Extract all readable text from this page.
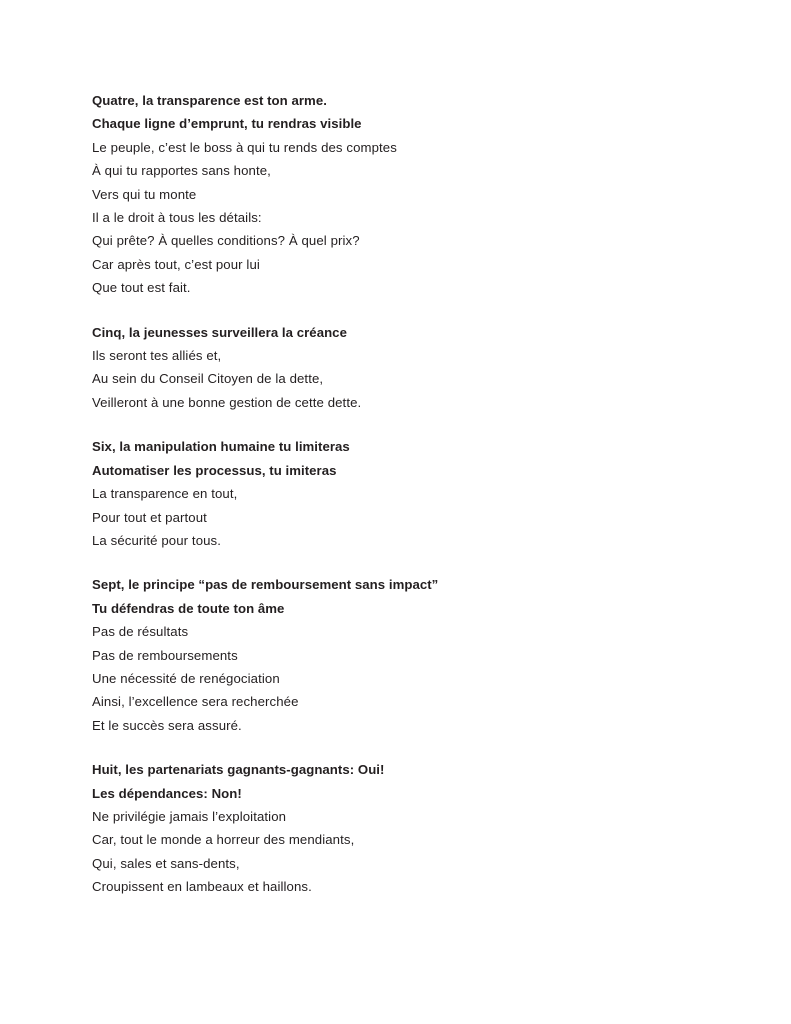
Quatre, la transparence est ton arme.
Chaque ligne d’emprunt, tu rendras visible
Le peuple, c’est le boss à qui tu rends des comptes
À qui tu rapportes sans honte,
Vers qui tu monte
Il a le droit à tous les détails:
Qui prête? À quelles conditions? À quel prix?
Car après tout, c’est pour lui
Que tout est fait.
Cinq, la jeunesses surveillera la créance
Ils seront tes alliés et,
Au sein du Conseil Citoyen de la dette,
Veilleront à une bonne gestion de cette dette.
Six, la manipulation humaine tu limiteras
Automatiser les processus, tu imiteras
La transparence en tout,
Pour tout et partout
La sécurité pour tous.
Sept, le principe “pas de remboursement sans impact”
Tu défendras de toute ton âme
Pas de résultats
Pas de remboursements
Une nécessité de renégociation
Ainsi, l’excellence sera recherchée
Et le succès sera assuré.
Huit, les partenariats gagnants-gagnants: Oui!
Les dépendances: Non!
Ne privilégie jamais l’exploitation
Car, tout le monde a horreur des mendiants,
Qui, sales et sans-dents,
Croupissent en lambeaux et haillons.
